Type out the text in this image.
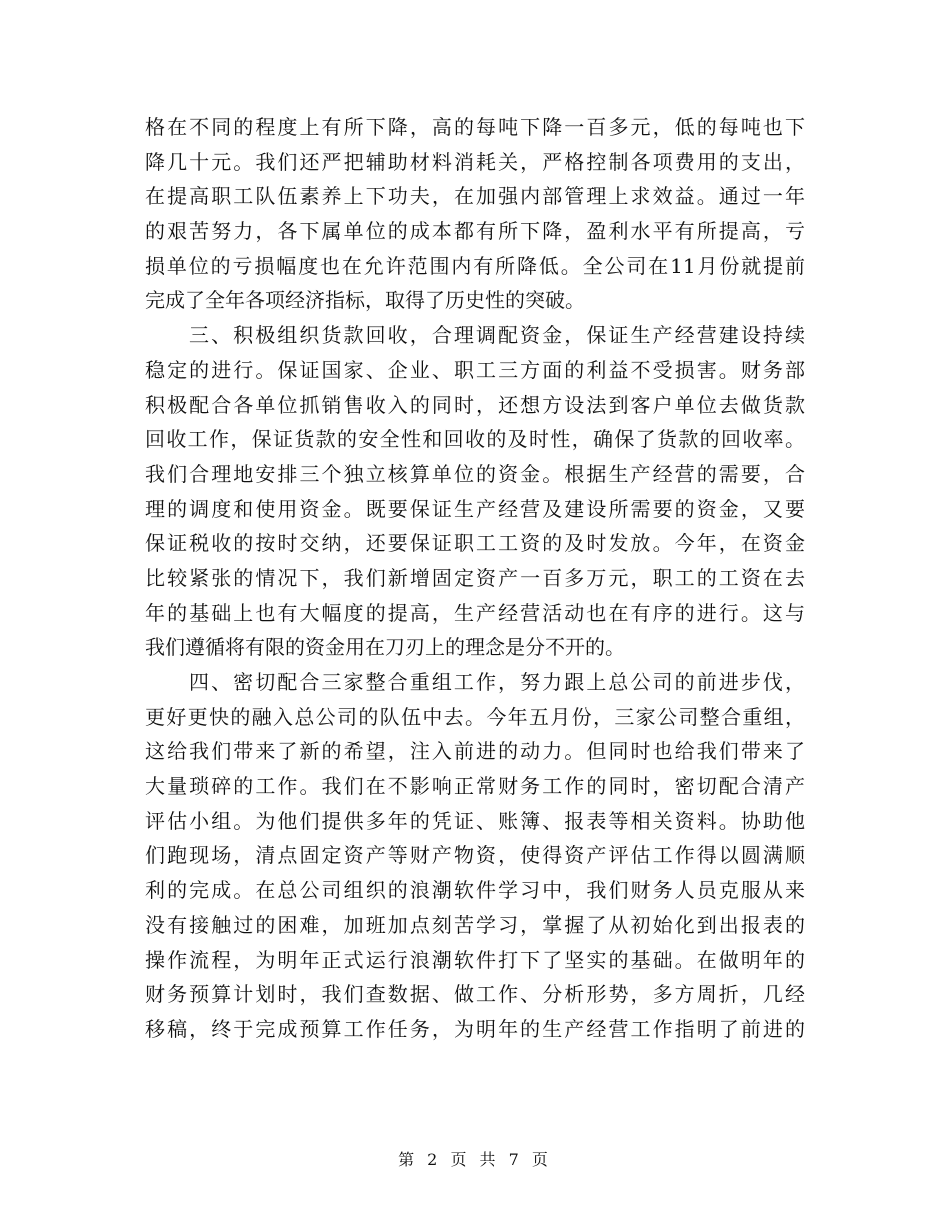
格在不同的程度上有所下降，高的每吨下降一百多元，低的每吨也下
降几十元。我们还严把辅助材料消耗关，严格控制各项费用的支出，
在提高职工队伍素养上下功夫，在加强内部管理上求效益。通过一年
的艰苦努力，各下属单位的成本都有所下降，盈利水平有所提高，亏
损单位的亏损幅度也在允许范围内有所降低。全公司在11月份就提前
完成了全年各项经济指标，取得了历史性的突破。
三、积极组织货款回收，合理调配资金，保证生产经营建设持续
稳定的进行。保证国家、企业、职工三方面的利益不受损害。财务部
积极配合各单位抓销售收入的同时，还想方设法到客户单位去做货款
回收工作，保证货款的安全性和回收的及时性，确保了货款的回收率。
我们合理地安排三个独立核算单位的资金。根据生产经营的需要，合
理的调度和使用资金。既要保证生产经营及建设所需要的资金，又要
保证税收的按时交纳，还要保证职工工资的及时发放。今年，在资金
比较紧张的情况下，我们新增固定资产一百多万元，职工的工资在去
年的基础上也有大幅度的提高，生产经营活动也在有序的进行。这与
我们遵循将有限的资金用在刀刃上的理念是分不开的。
四、密切配合三家整合重组工作，努力跟上总公司的前进步伐，
更好更快的融入总公司的队伍中去。今年五月份，三家公司整合重组，
这给我们带来了新的希望，注入前进的动力。但同时也给我们带来了
大量琐碎的工作。我们在不影响正常财务工作的同时，密切配合清产
评估小组。为他们提供多年的凭证、账簿、报表等相关资料。协助他
们跑现场，清点固定资产等财产物资，使得资产评估工作得以圆满顺
利的完成。在总公司组织的浪潮软件学习中，我们财务人员克服从来
没有接触过的困难，加班加点刻苦学习，掌握了从初始化到出报表的
操作流程，为明年正式运行浪潮软件打下了坚实的基础。在做明年的
财务预算计划时，我们查数据、做工作、分析形势，多方周折，几经
移稿，终于完成预算工作任务，为明年的生产经营工作指明了前进的
第 2 页 共 7 页
